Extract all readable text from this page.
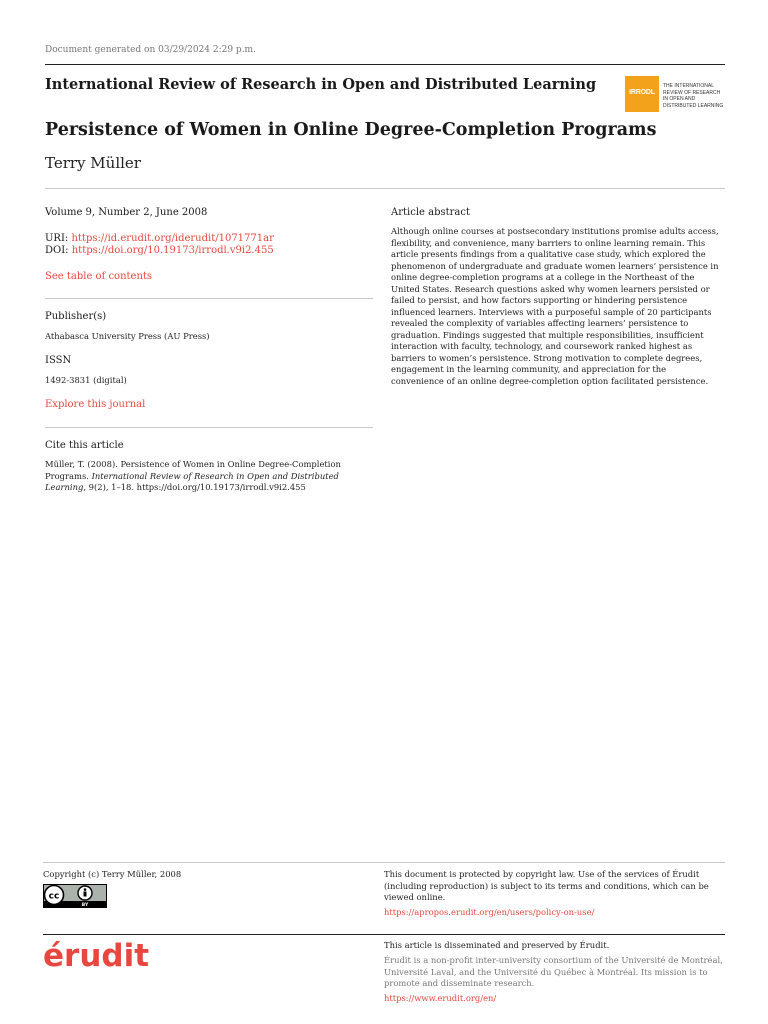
Document generated on 03/29/2024 2:29 p.m.
International Review of Research in Open and Distributed Learning	IRRODL
THE INTERNATIONAL REVIEW OF RESEARCH IN OPEN AND DISTRIBUTED LEARNING
Persistence of Women in Online Degree-Completion Programs
Terry Müller
Volume 9, Number 2, June 2008
URI: https://id.erudit.org/iderudit/1071771ar
DOI: https://doi.org/10.19173/irrodl.v9i2.455
See table of contents
Publisher(s)
Athabasca University Press (AU Press)
ISSN
1492-3831 (digital)
Explore this journal
Cite this article
Müller, T. (2008). Persistence of Women in Online Degree-Completion Programs. International Review of Research in Open and Distributed Learning, 9(2), 1–18. https://doi.org/10.19173/irrodl.v9i2.455
Article abstract
Although online courses at postsecondary institutions promise adults access, flexibility, and convenience, many barriers to online learning remain. This article presents findings from a qualitative case study, which explored the phenomenon of undergraduate and graduate women learners’ persistence in online degree-completion programs at a college in the Northeast of the United States. Research questions asked why women learners persisted or failed to persist, and how factors supporting or hindering persistence influenced learners. Interviews with a purposeful sample of 20 participants revealed the complexity of variables affecting learners’ persistence to graduation. Findings suggested that multiple responsibilities, insufficient interaction with faculty, technology, and coursework ranked highest as barriers to women’s persistence. Strong motivation to complete degrees, engagement in the learning community, and appreciation for the convenience of an online degree-completion option facilitated persistence.
Copyright (c) Terry Müller, 2008
cc
BY
This document is protected by copyright law. Use of the services of Érudit (including reproduction) is subject to its terms and conditions, which can be viewed online.
https://apropos.erudit.org/en/users/policy-on-use/
érudit	This article is disseminated and preserved by Érudit.
Érudit is a non-profit inter-university consortium of the Université de Montréal, Université Laval, and the Université du Québec à Montréal. Its mission is to promote and disseminate research.
https://www.erudit.org/en/
